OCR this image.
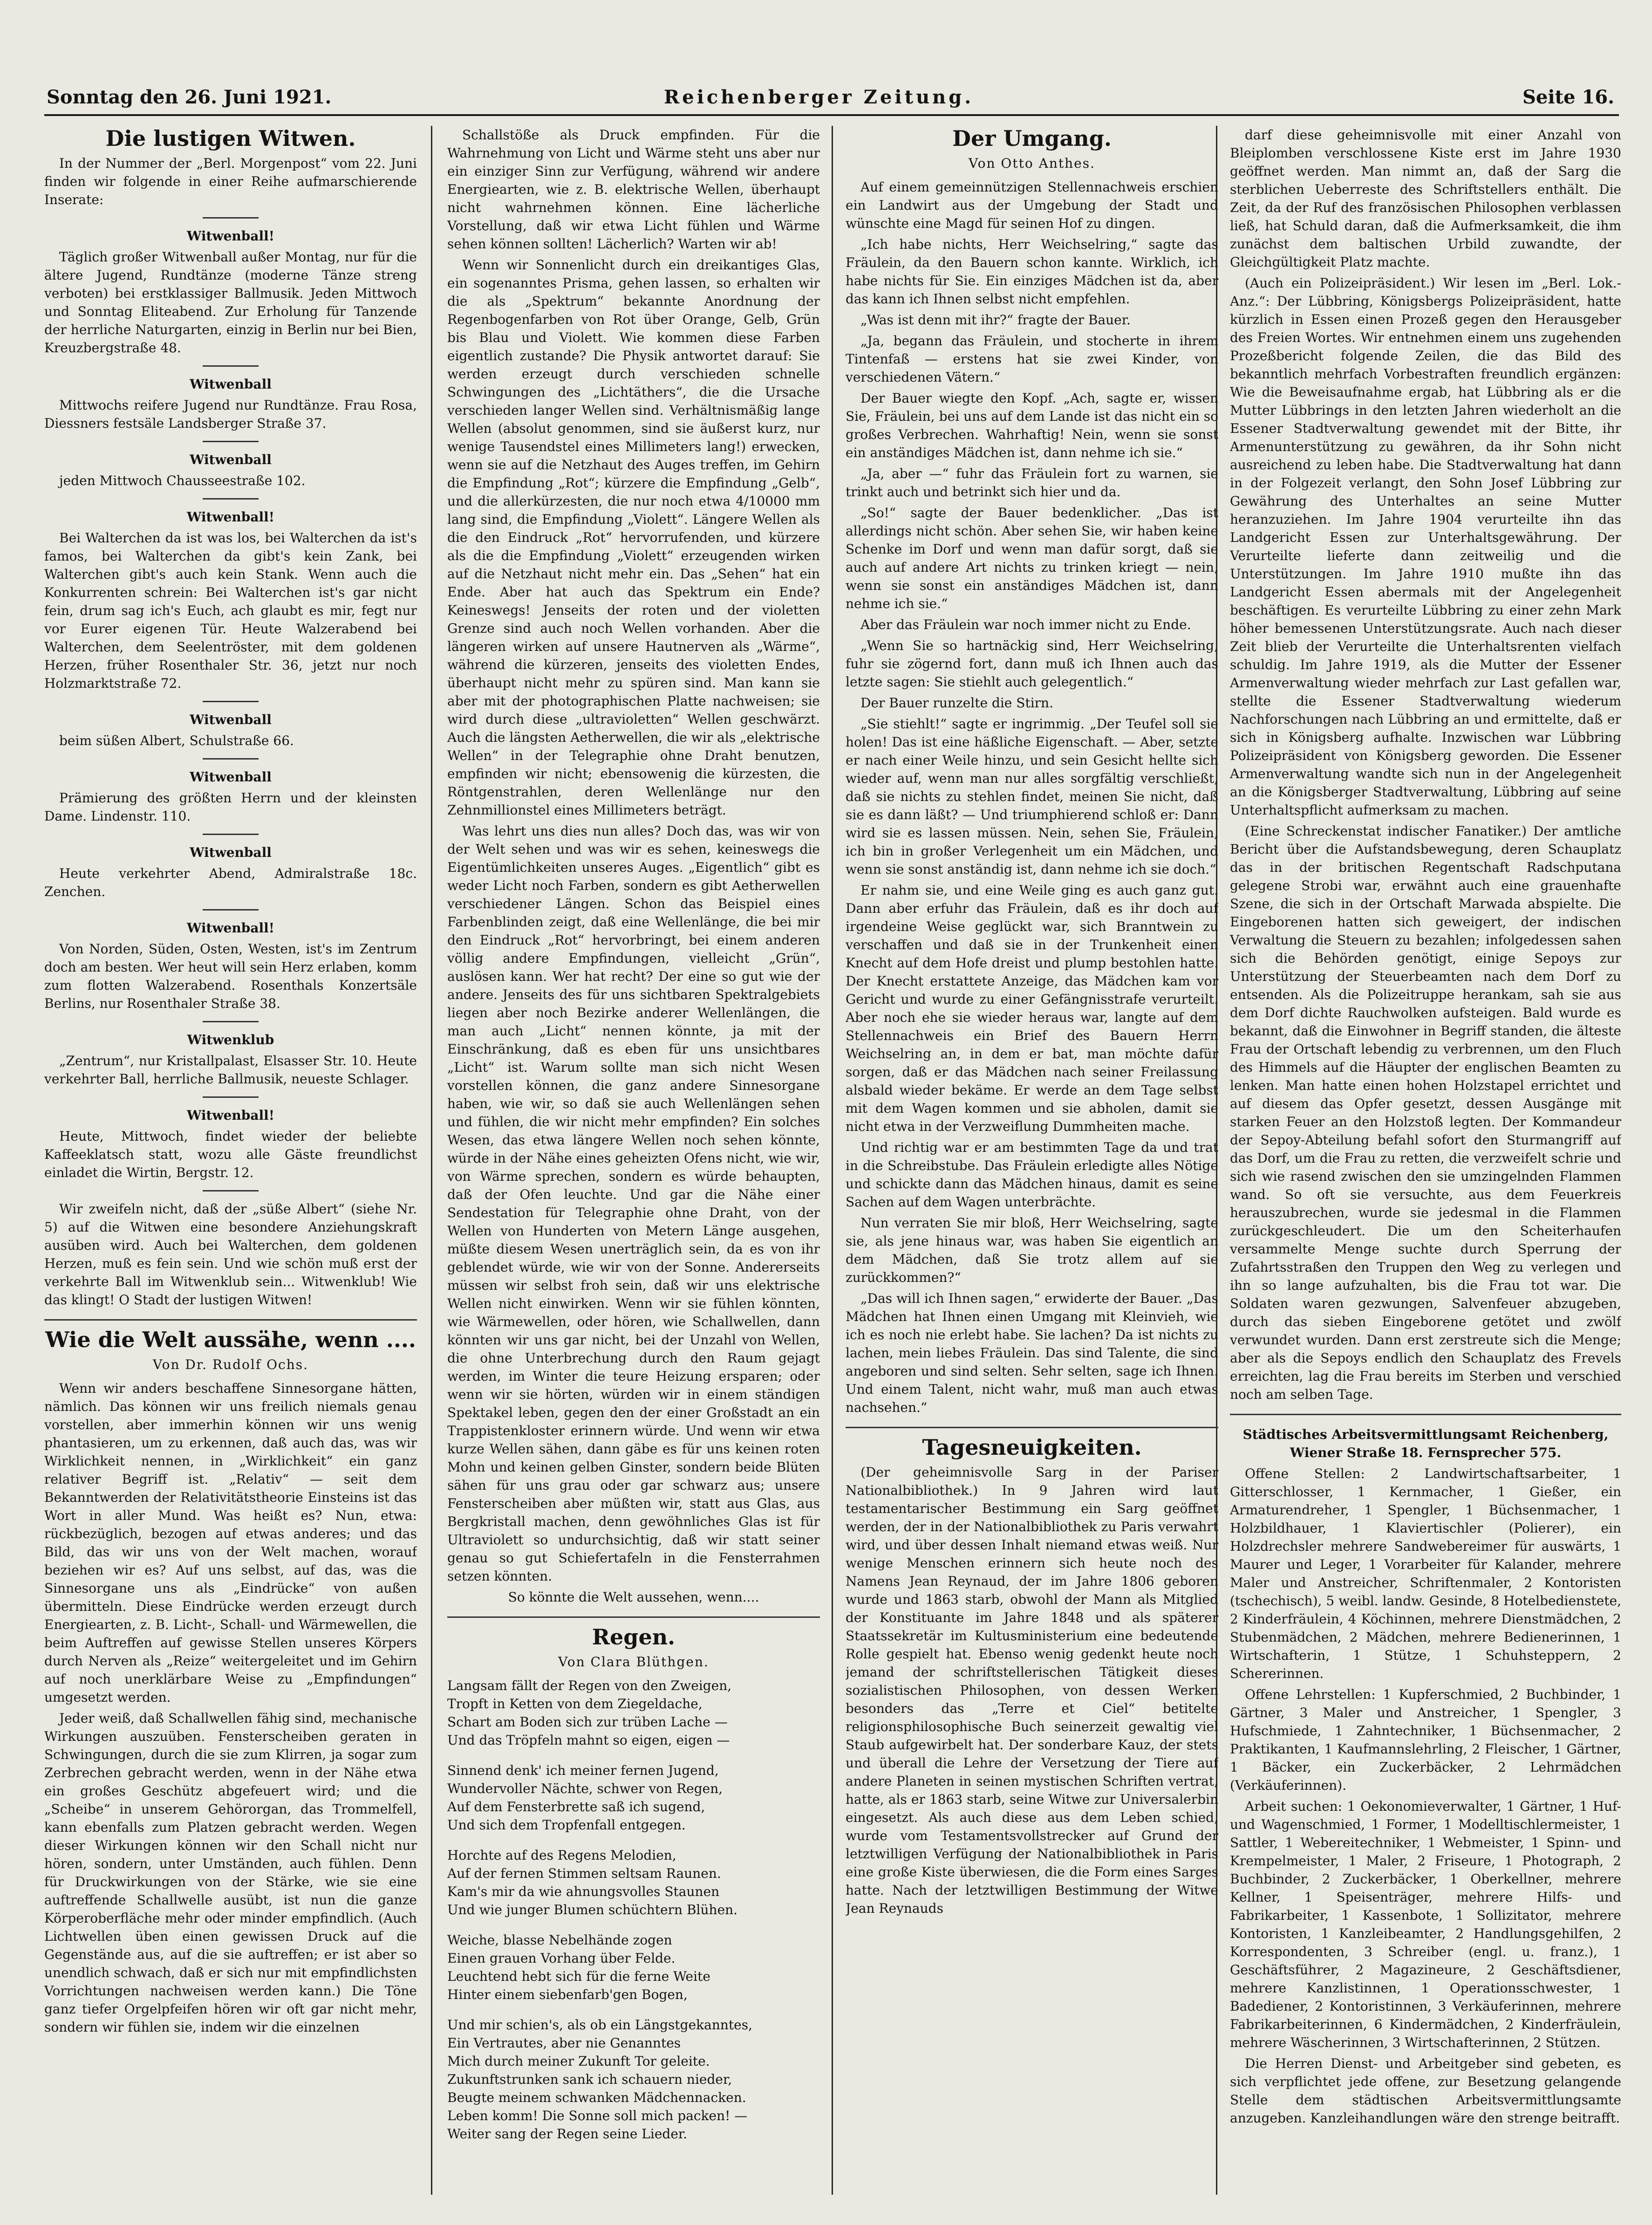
Sonntag den 26. Juni 1921.	Reichenberger Zeitung.	Seite 16.
Die lustigen Witwen.

In der Nummer der „Berl. Morgenpost“ vom 22. Juni finden wir folgende in einer Reihe aufmarschierende Inserate:

Witwenball!

Täglich großer Witwenball außer Montag, nur für die ältere Jugend, Rundtänze (moderne Tänze streng verboten) bei erstklassiger Ballmusik. Jeden Mittwoch und Sonntag Eliteabend. Zur Erholung für Tanzende der herrliche Naturgarten, einzig in Berlin nur bei Bien, Kreuzbergstraße 48.

Witwenball

Mittwochs reifere Jugend nur Rundtänze. Frau Rosa, Diessners festsäle Landsberger Straße 37.

Witwenball

jeden Mittwoch Chausseestraße 102.

Witwenball!

Bei Walterchen da ist was los, bei Walterchen da ist's famos, bei Walterchen da gibt's kein Zank, bei Walterchen gibt's auch kein Stank. Wenn auch die Konkurrenten schrein: Bei Walterchen ist's gar nicht fein, drum sag ich's Euch, ach glaubt es mir, fegt nur vor Eurer eigenen Tür. Heute Walzerabend bei Walterchen, dem Seelentröster, mit dem goldenen Herzen, früher Rosenthaler Str. 36, jetzt nur noch Holzmarktstraße 72.

Witwenball

beim süßen Albert, Schulstraße 66.

Witwenball

Prämierung des größten Herrn und der kleinsten Dame. Lindenstr. 110.

Witwenball

Heute verkehrter Abend, Admiralstraße 18c. Zenchen.

Witwenball!

Von Norden, Süden, Osten, Westen, ist's im Zentrum doch am besten. Wer heut will sein Herz erlaben, komm zum flotten Walzerabend. Rosenthals Konzertsäle Berlins, nur Rosenthaler Straße 38.

Witwenklub

„Zentrum“, nur Kristallpalast, Elsasser Str. 10. Heute verkehrter Ball, herrliche Ballmusik, neueste Schlager.

Witwenball!

Heute, Mittwoch, findet wieder der beliebte Kaffeeklatsch statt, wozu alle Gäste freundlichst einladet die Wirtin, Bergstr. 12.

Wir zweifeln nicht, daß der „süße Albert“ (siehe Nr. 5) auf die Witwen eine besondere Anziehungskraft ausüben wird. Auch bei Walterchen, dem goldenen Herzen, muß es fein sein. Und wie schön muß erst der verkehrte Ball im Witwenklub sein... Witwenklub! Wie das klingt! O Stadt der lustigen Witwen!

Wie die Welt aussähe, wenn ....
Von Dr. Rudolf Ochs.

Wenn wir anders beschaffene Sinnesorgane hätten, nämlich. Das können wir uns freilich niemals genau vorstellen, aber immerhin können wir uns wenig phantasieren, um zu erkennen, daß auch das, was wir Wirklichkeit nennen, in „Wirklichkeit“ ein ganz relativer Begriff ist. „Relativ“ — seit dem Bekanntwerden der Relativitätstheorie Einsteins ist das Wort in aller Mund. Was heißt es? Nun, etwa: rückbezüglich, bezogen auf etwas anderes; und das Bild, das wir uns von der Welt machen, worauf beziehen wir es? Auf uns selbst, auf das, was die Sinnesorgane uns als „Eindrücke“ von außen übermitteln. Diese Eindrücke werden erzeugt durch Energiearten, z. B. Licht-, Schall- und Wärmewellen, die beim Auftreffen auf gewisse Stellen unseres Körpers durch Nerven als „Reize“ weitergeleitet und im Gehirn auf noch unerklärbare Weise zu „Empfindungen“ umgesetzt werden.

Jeder weiß, daß Schallwellen fähig sind, mechanische Wirkungen auszuüben. Fensterscheiben geraten in Schwingungen, durch die sie zum Klirren, ja sogar zum Zerbrechen gebracht werden, wenn in der Nähe etwa ein großes Geschütz abgefeuert wird; und die „Scheibe“ in unserem Gehörorgan, das Trommelfell, kann ebenfalls zum Platzen gebracht werden. Wegen dieser Wirkungen können wir den Schall nicht nur hören, sondern, unter Umständen, auch fühlen. Denn für Druckwirkungen von der Stärke, wie sie eine auftreffende Schallwelle ausübt, ist nun die ganze Körperoberfläche mehr oder minder empfindlich. (Auch Lichtwellen üben einen gewissen Druck auf die Gegenstände aus, auf die sie auftreffen; er ist aber so unendlich schwach, daß er sich nur mit empfindlichsten Vorrichtungen nachweisen werden kann.) Die Töne ganz tiefer Orgelpfeifen hören wir oft gar nicht mehr, sondern wir fühlen sie, indem wir die einzelnen

Schallstöße als Druck empfinden. Für die Wahrnehmung von Licht und Wärme steht uns aber nur ein einziger Sinn zur Verfügung, während wir andere Energiearten, wie z. B. elektrische Wellen, überhaupt nicht wahrnehmen können. Eine lächerliche Vorstellung, daß wir etwa Licht fühlen und Wärme sehen können sollten! Lächerlich? Warten wir ab!

Wenn wir Sonnenlicht durch ein dreikantiges Glas, ein sogenanntes Prisma, gehen lassen, so erhalten wir die als „Spektrum“ bekannte Anordnung der Regenbogenfarben von Rot über Orange, Gelb, Grün bis Blau und Violett. Wie kommen diese Farben eigentlich zustande? Die Physik antwortet darauf: Sie werden erzeugt durch verschieden schnelle Schwingungen des „Lichtäthers“, die die Ursache verschieden langer Wellen sind. Verhältnismäßig lange Wellen (absolut genommen, sind sie äußerst kurz, nur wenige Tausendstel eines Millimeters lang!) erwecken, wenn sie auf die Netzhaut des Auges treffen, im Gehirn die Empfindung „Rot“; kürzere die Empfindung „Gelb“, und die allerkürzesten, die nur noch etwa 4/10000 mm lang sind, die Empfindung „Violett“. Längere Wellen als die den Eindruck „Rot“ hervorrufenden, und kürzere als die die Empfindung „Violett“ erzeugenden wirken auf die Netzhaut nicht mehr ein. Das „Sehen“ hat ein Ende. Aber hat auch das Spektrum ein Ende? Keineswegs! Jenseits der roten und der violetten Grenze sind auch noch Wellen vorhanden. Aber die längeren wirken auf unsere Hautnerven als „Wärme“, während die kürzeren, jenseits des violetten Endes, überhaupt nicht mehr zu spüren sind. Man kann sie aber mit der photographischen Platte nachweisen; sie wird durch diese „ultravioletten“ Wellen geschwärzt. Auch die längsten Aetherwellen, die wir als „elektrische Wellen“ in der Telegraphie ohne Draht benutzen, empfinden wir nicht; ebensowenig die kürzesten, die Röntgenstrahlen, deren Wellenlänge nur den Zehnmillionstel eines Millimeters beträgt.

Was lehrt uns dies nun alles? Doch das, was wir von der Welt sehen und was wir es sehen, keineswegs die Eigentümlichkeiten unseres Auges. „Eigentlich“ gibt es weder Licht noch Farben, sondern es gibt Aetherwellen verschiedener Längen. Schon das Beispiel eines Farbenblinden zeigt, daß eine Wellenlänge, die bei mir den Eindruck „Rot“ hervorbringt, bei einem anderen völlig andere Empfindungen, vielleicht „Grün“, auslösen kann. Wer hat recht? Der eine so gut wie der andere. Jenseits des für uns sichtbaren Spektralgebiets liegen aber noch Bezirke anderer Wellenlängen, die man auch „Licht“ nennen könnte, ja mit der Einschränkung, daß es eben für uns unsichtbares „Licht“ ist. Warum sollte man sich nicht Wesen vorstellen können, die ganz andere Sinnesorgane haben, wie wir, so daß sie auch Wellenlängen sehen und fühlen, die wir nicht mehr empfinden? Ein solches Wesen, das etwa längere Wellen noch sehen könnte, würde in der Nähe eines geheizten Ofens nicht, wie wir, von Wärme sprechen, sondern es würde behaupten, daß der Ofen leuchte. Und gar die Nähe einer Sendestation für Telegraphie ohne Draht, von der Wellen von Hunderten von Metern Länge ausgehen, müßte diesem Wesen unerträglich sein, da es von ihr geblendet würde, wie wir von der Sonne. Andererseits müssen wir selbst froh sein, daß wir uns elektrische Wellen nicht einwirken. Wenn wir sie fühlen könnten, wie Wärmewellen, oder hören, wie Schallwellen, dann könnten wir uns gar nicht, bei der Unzahl von Wellen, die ohne Unterbrechung durch den Raum gejagt werden, im Winter die teure Heizung ersparen; oder wenn wir sie hörten, würden wir in einem ständigen Spektakel leben, gegen den der einer Großstadt an ein Trappistenkloster erinnern würde. Und wenn wir etwa kurze Wellen sähen, dann gäbe es für uns keinen roten Mohn und keinen gelben Ginster, sondern beide Blüten sähen für uns grau oder gar schwarz aus; unsere Fensterscheiben aber müßten wir, statt aus Glas, aus Bergkristall machen, denn gewöhnliches Glas ist für Ultraviolett so undurchsichtig, daß wir statt seiner genau so gut Schiefertafeln in die Fensterrahmen setzen könnten.

So könnte die Welt aussehen, wenn....

Regen.
Von Clara Blüthgen.

Langsam fällt der Regen von den Zweigen,

Tropft in Ketten von dem Ziegeldache,

Schart am Boden sich zur trüben Lache —

Und das Tröpfeln mahnt so eigen, eigen —

Sinnend denk' ich meiner fernen Jugend,

Wundervoller Nächte, schwer von Regen,

Auf dem Fensterbrette saß ich sugend,

Und sich dem Tropfenfall entgegen.

Horchte auf des Regens Melodien,

Auf der fernen Stimmen seltsam Raunen.

Kam's mir da wie ahnungsvolles Staunen

Und wie junger Blumen schüchtern Blühen.

Weiche, blasse Nebelhände zogen

Einen grauen Vorhang über Felde.

Leuchtend hebt sich für die ferne Weite

Hinter einem siebenfarb'gen Bogen,

Und mir schien's, als ob ein Längstgekanntes,

Ein Vertrautes, aber nie Genanntes

Mich durch meiner Zukunft Tor geleite.

Zukunftstrunken sank ich schauern nieder,

Beugte meinem schwanken Mädchennacken.

Leben komm! Die Sonne soll mich packen! —

Weiter sang der Regen seine Lieder.

Der Umgang.
Von Otto Anthes.

Auf einem gemeinnützigen Stellennachweis erschien ein Landwirt aus der Umgebung der Stadt und wünschte eine Magd für seinen Hof zu dingen.

„Ich habe nichts, Herr Weichselring,“ sagte das Fräulein, da den Bauern schon kannte. Wirklich, ich habe nichts für Sie. Ein einziges Mädchen ist da, aber das kann ich Ihnen selbst nicht empfehlen.

„Was ist denn mit ihr?“ fragte der Bauer.

„Ja, begann das Fräulein, und stocherte in ihrem Tintenfaß — erstens hat sie zwei Kinder, von verschiedenen Vätern.“

Der Bauer wiegte den Kopf. „Ach, sagte er, wissen Sie, Fräulein, bei uns auf dem Lande ist das nicht ein so großes Verbrechen. Wahrhaftig! Nein, wenn sie sonst ein anständiges Mädchen ist, dann nehme ich sie.“

„Ja, aber —“ fuhr das Fräulein fort zu warnen, sie trinkt auch und betrinkt sich hier und da.

„So!“ sagte der Bauer bedenklicher. „Das ist allerdings nicht schön. Aber sehen Sie, wir haben keine Schenke im Dorf und wenn man dafür sorgt, daß sie auch auf andere Art nichts zu trinken kriegt — nein, wenn sie sonst ein anständiges Mädchen ist, dann nehme ich sie.“

Aber das Fräulein war noch immer nicht zu Ende.

„Wenn Sie so hartnäckig sind, Herr Weichselring, fuhr sie zögernd fort, dann muß ich Ihnen auch das letzte sagen: Sie stiehlt auch gelegentlich.“

Der Bauer runzelte die Stirn.

„Sie stiehlt!“ sagte er ingrimmig. „Der Teufel soll sie holen! Das ist eine häßliche Eigenschaft. — Aber, setzte er nach einer Weile hinzu, und sein Gesicht hellte sich wieder auf, wenn man nur alles sorgfältig verschließt, daß sie nichts zu stehlen findet, meinen Sie nicht, daß sie es dann läßt? — Und triumphierend schloß er: Dann wird sie es lassen müssen. Nein, sehen Sie, Fräulein, ich bin in großer Verlegenheit um ein Mädchen, und wenn sie sonst anständig ist, dann nehme ich sie doch.“

Er nahm sie, und eine Weile ging es auch ganz gut. Dann aber erfuhr das Fräulein, daß es ihr doch auf irgendeine Weise geglückt war, sich Branntwein zu verschaffen und daß sie in der Trunkenheit einen Knecht auf dem Hofe dreist und plump bestohlen hatte. Der Knecht erstattete Anzeige, das Mädchen kam vor Gericht und wurde zu einer Gefängnisstrafe verurteilt. Aber noch ehe sie wieder heraus war, langte auf dem Stellennachweis ein Brief des Bauern Herrn Weichselring an, in dem er bat, man möchte dafür sorgen, daß er das Mädchen nach seiner Freilassung alsbald wieder bekäme. Er werde an dem Tage selbst mit dem Wagen kommen und sie abholen, damit sie nicht etwa in der Verzweiflung Dummheiten mache.

Und richtig war er am bestimmten Tage da und trat in die Schreibstube. Das Fräulein erledigte alles Nötige und schickte dann das Mädchen hinaus, damit es seine Sachen auf dem Wagen unterbrächte.

Nun verraten Sie mir bloß, Herr Weichselring, sagte sie, als jene hinaus war, was haben Sie eigentlich an dem Mädchen, daß Sie trotz allem auf sie zurückkommen?“

„Das will ich Ihnen sagen,“ erwiderte der Bauer. „Das Mädchen hat Ihnen einen Umgang mit Kleinvieh, wie ich es noch nie erlebt habe. Sie lachen? Da ist nichts zu lachen, mein liebes Fräulein. Das sind Talente, die sind angeboren und sind selten. Sehr selten, sage ich Ihnen. Und einem Talent, nicht wahr, muß man auch etwas nachsehen.“

Tagesneuigkeiten.

(Der geheimnisvolle Sarg in der Pariser Nationalbibliothek.) In 9 Jahren wird laut testamentarischer Bestimmung ein Sarg geöffnet werden, der in der Nationalbibliothek zu Paris verwahrt wird, und über dessen Inhalt niemand etwas weiß. Nur wenige Menschen erinnern sich heute noch des Namens Jean Reynaud, der im Jahre 1806 geboren wurde und 1863 starb, obwohl der Mann als Mitglied der Konstituante im Jahre 1848 und als späterer Staatssekretär im Kultusministerium eine bedeutende Rolle gespielt hat. Ebenso wenig gedenkt heute noch jemand der schriftstellerischen Tätigkeit dieses sozialistischen Philosophen, von dessen Werken besonders das „Terre et Ciel“ betitelte religionsphilosophische Buch seinerzeit gewaltig viel Staub aufgewirbelt hat. Der sonderbare Kauz, der stets und überall die Lehre der Versetzung der Tiere auf andere Planeten in seinen mystischen Schriften vertrat, hatte, als er 1863 starb, seine Witwe zur Universalerbin eingesetzt. Als auch diese aus dem Leben schied, wurde vom Testamentsvollstrecker auf Grund der letztwilligen Verfügung der Nationalbibliothek in Paris eine große Kiste überwiesen, die die Form eines Sarges hatte. Nach der letztwilligen Bestimmung der Witwe Jean Reynauds

darf diese geheimnisvolle mit einer Anzahl von Bleiplomben verschlossene Kiste erst im Jahre 1930 geöffnet werden. Man nimmt an, daß der Sarg die sterblichen Ueberreste des Schriftstellers enthält. Die Zeit, da der Ruf des französischen Philosophen verblassen ließ, hat Schuld daran, daß die Aufmerksamkeit, die ihm zunächst dem baltischen Urbild zuwandte, der Gleichgültigkeit Platz machte.

(Auch ein Polizeipräsident.) Wir lesen im „Berl. Lok.-Anz.“: Der Lübbring, Königsbergs Polizeipräsident, hatte kürzlich in Essen einen Prozeß gegen den Herausgeber des Freien Wortes. Wir entnehmen einem uns zugehenden Prozeßbericht folgende Zeilen, die das Bild des bekanntlich mehrfach Vorbestraften freundlich ergänzen: Wie die Beweisaufnahme ergab, hat Lübbring als er die Mutter Lübbrings in den letzten Jahren wiederholt an die Essener Stadtverwaltung gewendet mit der Bitte, ihr Armenunterstützung zu gewähren, da ihr Sohn nicht ausreichend zu leben habe. Die Stadtverwaltung hat dann in der Folgezeit verlangt, den Sohn Josef Lübbring zur Gewährung des Unterhaltes an seine Mutter heranzuziehen. Im Jahre 1904 verurteilte ihn das Landgericht Essen zur Unterhaltsgewährung. Der Verurteilte lieferte dann zeitweilig und die Unterstützungen. Im Jahre 1910 mußte ihn das Landgericht Essen abermals mit der Angelegenheit beschäftigen. Es verurteilte Lübbring zu einer zehn Mark höher bemessenen Unterstützungsrate. Auch nach dieser Zeit blieb der Verurteilte die Unterhaltsrenten vielfach schuldig. Im Jahre 1919, als die Mutter der Essener Armenverwaltung wieder mehrfach zur Last gefallen war, stellte die Essener Stadtverwaltung wiederum Nachforschungen nach Lübbring an und ermittelte, daß er sich in Königsberg aufhalte. Inzwischen war Lübbring Polizeipräsident von Königsberg geworden. Die Essener Armenverwaltung wandte sich nun in der Angelegenheit an die Königsberger Stadtverwaltung, Lübbring auf seine Unterhaltspflicht aufmerksam zu machen.

(Eine Schreckenstat indischer Fanatiker.) Der amtliche Bericht über die Aufstandsbewegung, deren Schauplatz das in der britischen Regentschaft Radschputana gelegene Strobi war, erwähnt auch eine grauenhafte Szene, die sich in der Ortschaft Marwada abspielte. Die Eingeborenen hatten sich geweigert, der indischen Verwaltung die Steuern zu bezahlen; infolgedessen sahen sich die Behörden genötigt, einige Sepoys zur Unterstützung der Steuerbeamten nach dem Dorf zu entsenden. Als die Polizeitruppe herankam, sah sie aus dem Dorf dichte Rauchwolken aufsteigen. Bald wurde es bekannt, daß die Einwohner in Begriff standen, die älteste Frau der Ortschaft lebendig zu verbrennen, um den Fluch des Himmels auf die Häupter der englischen Beamten zu lenken. Man hatte einen hohen Holzstapel errichtet und auf diesem das Opfer gesetzt, dessen Ausgänge mit starken Feuer an den Holzstoß legten. Der Kommandeur der Sepoy-Abteilung befahl sofort den Sturmangriff auf das Dorf, um die Frau zu retten, die verzweifelt schrie und sich wie rasend zwischen den sie umzingelnden Flammen wand. So oft sie versuchte, aus dem Feuerkreis herauszubrechen, wurde sie jedesmal in die Flammen zurückgeschleudert. Die um den Scheiterhaufen versammelte Menge suchte durch Sperrung der Zufahrtsstraßen den Truppen den Weg zu verlegen und ihn so lange aufzuhalten, bis die Frau tot war. Die Soldaten waren gezwungen, Salvenfeuer abzugeben, durch das sieben Eingeborene getötet und zwölf verwundet wurden. Dann erst zerstreute sich die Menge; aber als die Sepoys endlich den Schauplatz des Frevels erreichten, lag die Frau bereits im Sterben und verschied noch am selben Tage.

Städtisches Arbeitsvermittlungsamt Reichenberg, Wiener Straße 18. Fernsprecher 575.

Offene Stellen: 2 Landwirtschaftsarbeiter, 1 Gitterschlosser, 1 Kernmacher, 1 Gießer, ein Armaturendreher, 1 Spengler, 1 Büchsenmacher, 1 Holzbildhauer, 1 Klaviertischler (Polierer), ein Holzdrechsler mehrere Sandwebereimer für auswärts, 1 Maurer und Leger, 1 Vorarbeiter für Kalander, mehrere Maler und Anstreicher, Schriftenmaler, 2 Kontoristen (tschechisch), 5 weibl. landw. Gesinde, 8 Hotelbedienstete, 2 Kinderfräulein, 4 Köchinnen, mehrere Dienstmädchen, 2 Stubenmädchen, 2 Mädchen, mehrere Bedienerinnen, 1 Wirtschafterin, 1 Stütze, 1 Schuhsteppern, 2 Schererinnen.

Offene Lehrstellen: 1 Kupferschmied, 2 Buchbinder, 1 Gärtner, 3 Maler und Anstreicher, 1 Spengler, 3 Hufschmiede, 1 Zahntechniker, 1 Büchsenmacher, 2 Praktikanten, 1 Kaufmannslehrling, 2 Fleischer, 1 Gärtner, 1 Bäcker, ein Zuckerbäcker, 2 Lehrmädchen (Verkäuferinnen).

Arbeit suchen: 1 Oekonomieverwalter, 1 Gärtner, 1 Huf- und Wagenschmied, 1 Former, 1 Modelltischlermeister, 1 Sattler, 1 Webereitechniker, 1 Webmeister, 1 Spinn- und Krempelmeister, 1 Maler, 2 Friseure, 1 Photograph, 2 Buchbinder, 2 Zuckerbäcker, 1 Oberkellner, mehrere Kellner, 1 Speisenträger, mehrere Hilfs- und Fabrikarbeiter, 1 Kassenbote, 1 Sollizitator, mehrere Kontoristen, 1 Kanzleibeamter, 2 Handlungsgehilfen, 2 Korrespondenten, 3 Schreiber (engl. u. franz.), 1 Geschäftsführer, 2 Magazineure, 2 Geschäftsdiener, mehrere Kanzlistinnen, 1 Operationsschwester, 1 Badediener, 2 Kontoristinnen, 3 Verkäuferinnen, mehrere Fabrikarbeiterinnen, 6 Kindermädchen, 2 Kinderfräulein, mehrere Wäscherinnen, 3 Wirtschafterinnen, 2 Stützen.

Die Herren Dienst- und Arbeitgeber sind gebeten, es sich verpflichtet jede offene, zur Besetzung gelangende Stelle dem städtischen Arbeitsvermittlungsamte anzugeben. Kanzleihandlungen wäre den strenge beitrafft.
